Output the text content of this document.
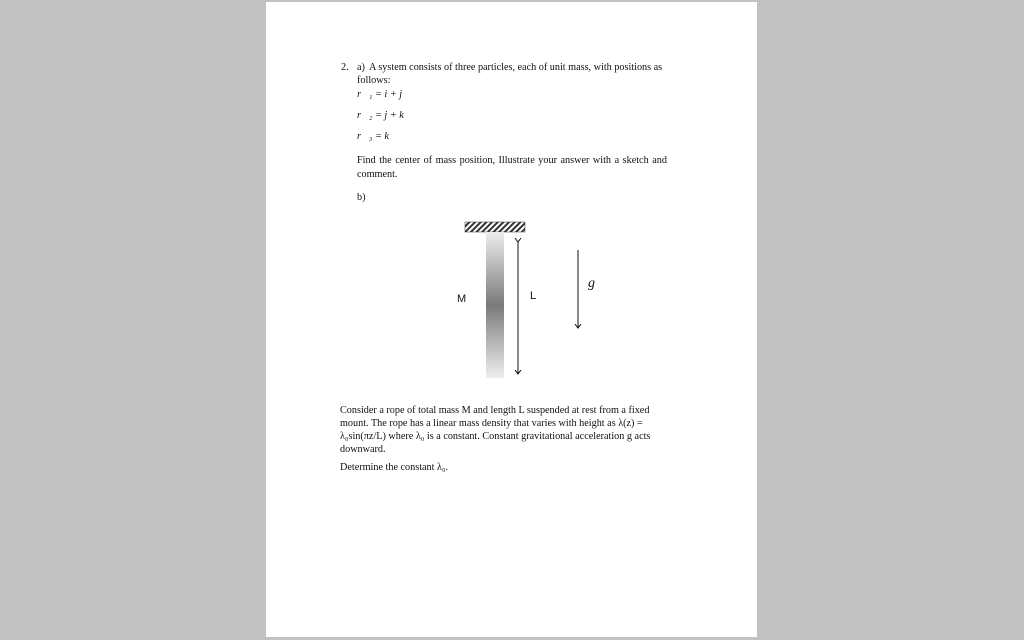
2. a) A system consists of three particles, each of unit mass, with positions as
follows:
r⃗₁ = i + j
r⃗₂ = j + k
r⃗₃ = k
Find the center of mass position, Illustrate your answer with a sketch and
comment.
b)
M	L
g⃗
Consider a rope of total mass M and length L suspended at rest from a fixed
mount. The rope has a linear mass density that varies with height as λ(z) =
λ₀sin(πz/L) where λ₀ is a constant. Constant gravitational acceleration g acts
downward.
Determine the constant λ₀.
